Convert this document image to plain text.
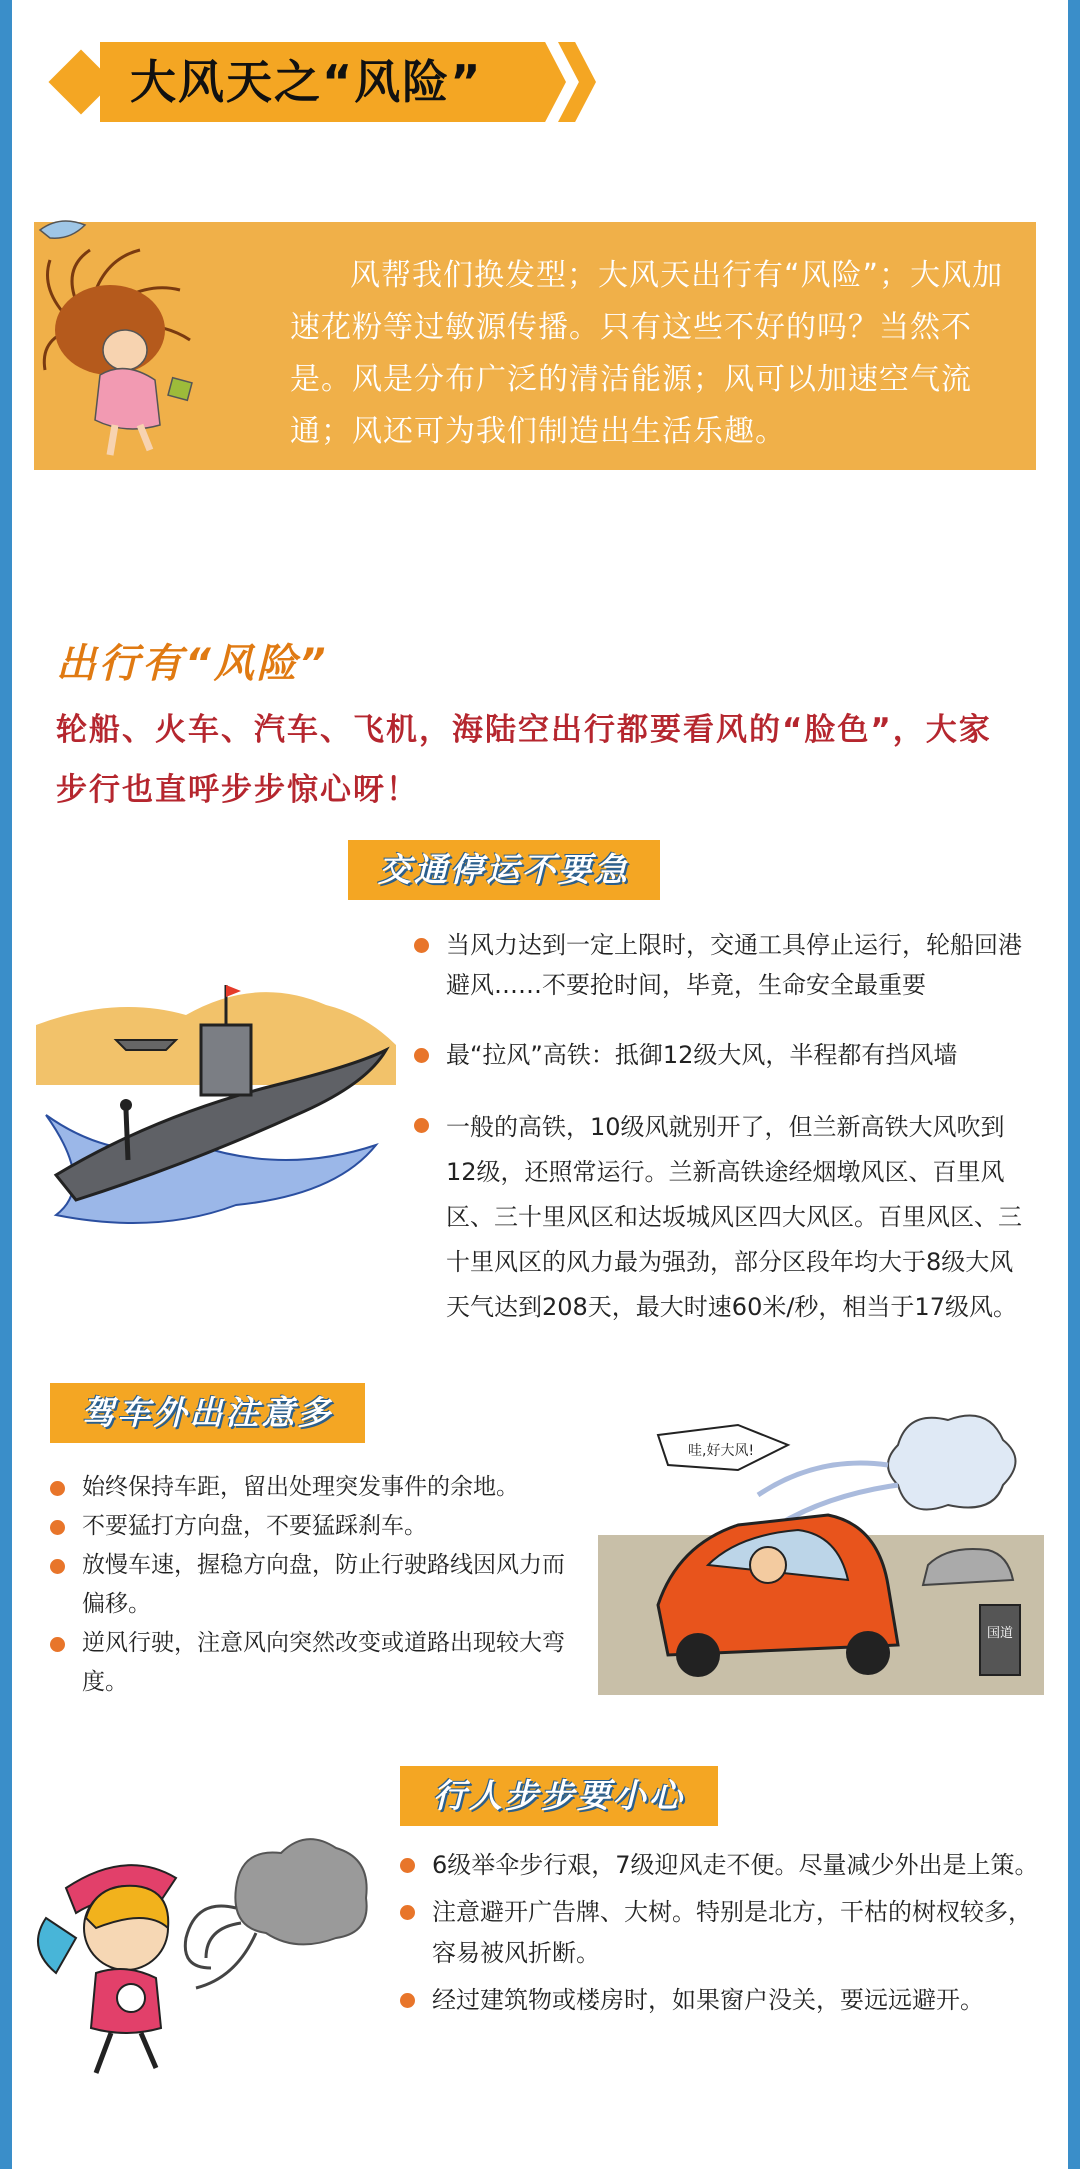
大风天之“风险”
风帮我们换发型；大风天出行有“风险”；大风加速花粉等过敏源传播。只有这些不好的吗？当然不是。风是分布广泛的清洁能源；风可以加速空气流通；风还可为我们制造出生活乐趣。
出行有“风险”
轮船、火车、汽车、飞机，海陆空出行都要看风的“脸色”，大家步行也直呼步步惊心呀！
交通停运不要急
当风力达到一定上限时，交通工具停止运行，轮船回港避风……不要抢时间，毕竟，生命安全最重要
最“拉风”高铁：抵御12级大风，半程都有挡风墙
一般的高铁，10级风就别开了，但兰新高铁大风吹到12级，还照常运行。兰新高铁途经烟墩风区、百里风区、三十里风区和达坂城风区四大风区。百里风区、三十里风区的风力最为强劲，部分区段年均大于8级大风天气达到208天，最大时速60米/秒，相当于17级风。
驾车外出注意多
始终保持车距，留出处理突发事件的余地。
不要猛打方向盘，不要猛踩刹车。
放慢车速，握稳方向盘，防止行驶路线因风力而偏移。
逆风行驶，注意风向突然改变或道路出现较大弯度。
哇,好大风!
国道
行人步步要小心
6级举伞步行艰，7级迎风走不便。尽量减少外出是上策。
注意避开广告牌、大树。特别是北方，干枯的树杈较多，容易被风折断。
经过建筑物或楼房时，如果窗户没关，要远远避开。
